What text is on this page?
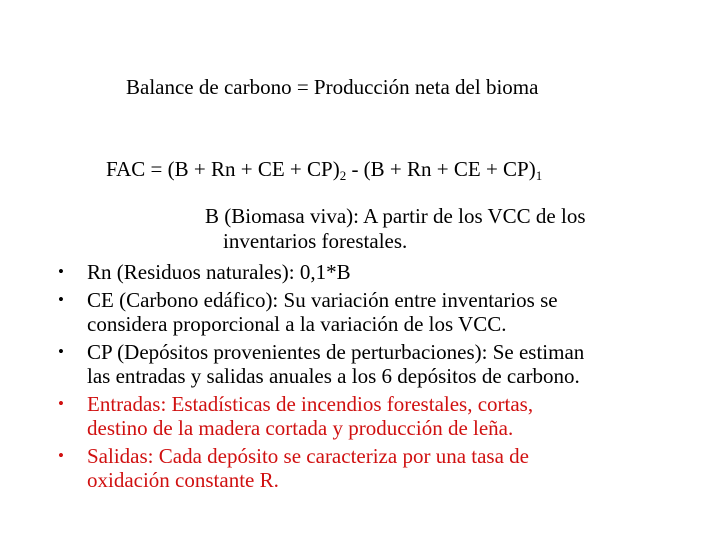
Balance de carbono = Producción neta del bioma
FAC = (B + Rn + CE + $CP)_2 - (B + Rn$ + CE + $CP)_1$
B (Biomasa viva): A partir de los VCC de los
inventarios forestales.
• Rn (Residuos naturales): 0,1*B
• CE (Carbono edáfico): Su variación entre inventarios se
considera proporcional a la variación de los VCC.
• CP (Depósitos provenientes de perturbaciones): Se estiman
las entradas y salidas anuales a los 6 depósitos de carbono.
• Entradas: Estadísticas de incendios forestales, cortas,
destino de la madera cortada y producción de leña.
• Salidas: Cada depósito se caracteriza por una tasa de
oxidación constante R.
